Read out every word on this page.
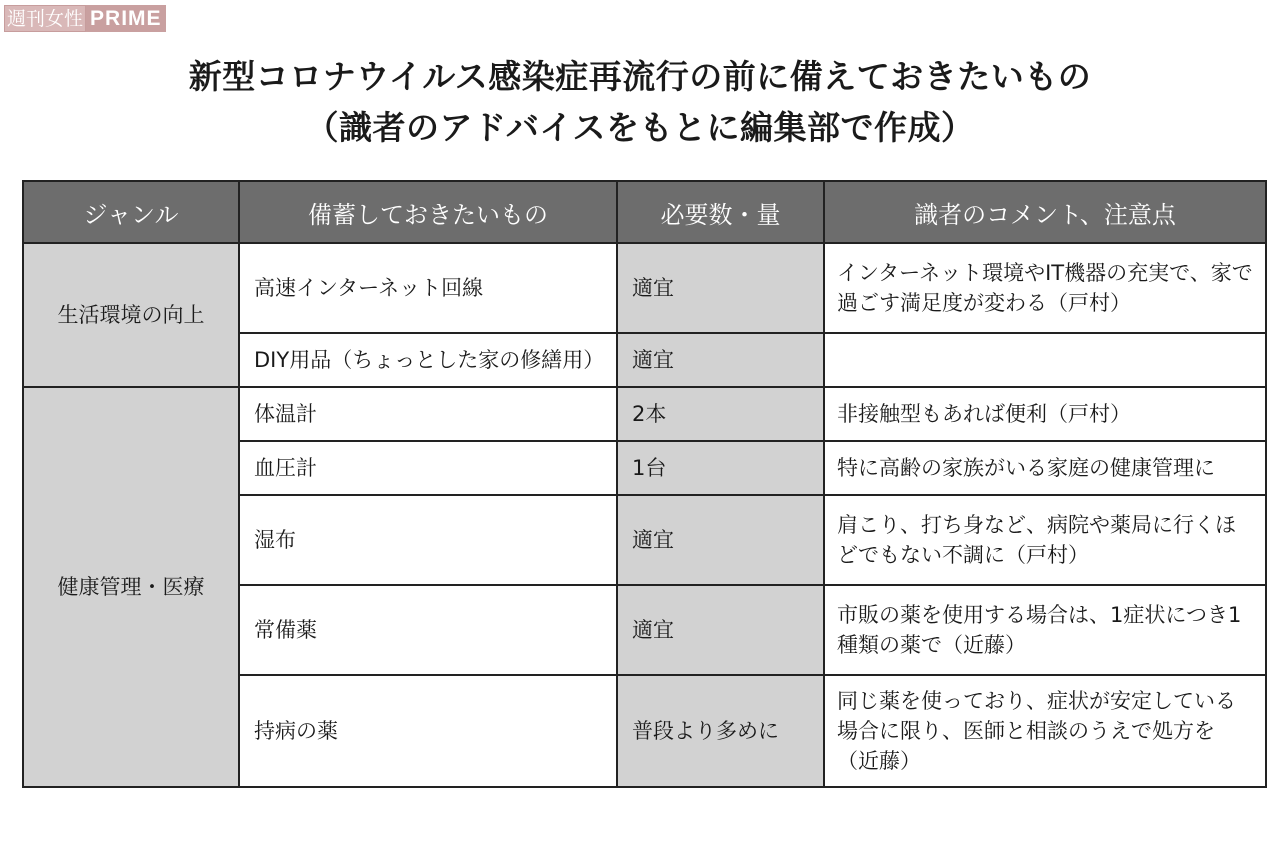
週刊女性 PRIME
新型コロナウイルス感染症再流行の前に備えておきたいもの
（識者のアドバイスをもとに編集部で作成）
ジャンル	備蓄しておきたいもの	必要数・量	識者のコメント、注意点
生活環境の向上	高速インターネット回線	適宜	インターネット環境やIT機器の充実で、家で過ごす満足度が変わる（戸村）
	DIY用品（ちょっとした家の修繕用）	適宜	
健康管理・医療	体温計	2本	非接触型もあれば便利（戸村）
	血圧計	1台	特に高齢の家族がいる家庭の健康管理に
	湿布	適宜	肩こり、打ち身など、病院や薬局に行くほどでもない不調に（戸村）
	常備薬	適宜	市販の薬を使用する場合は、1症状につき1種類の薬で（近藤）
	持病の薬	普段より多めに	同じ薬を使っており、症状が安定している場合に限り、医師と相談のうえで処方を（近藤）
